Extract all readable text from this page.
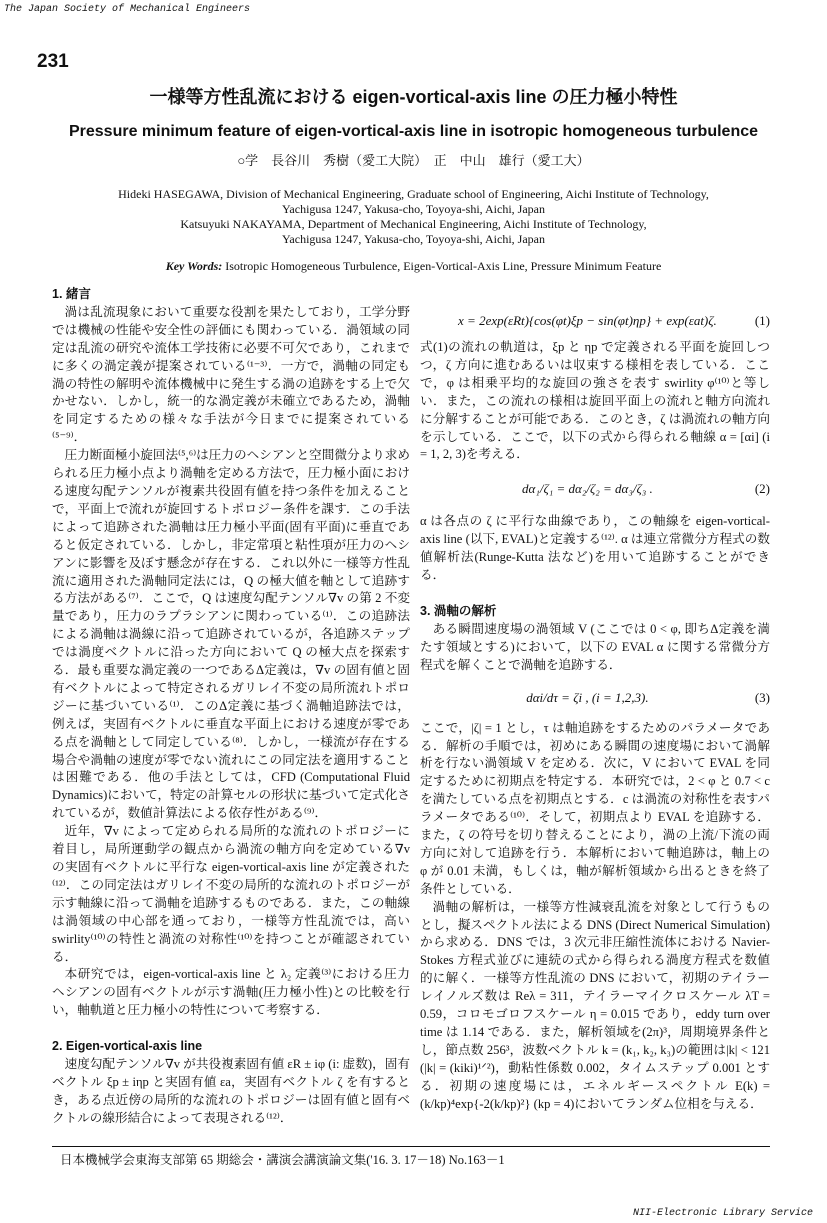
The Japan Society of Mechanical Engineers
231
一様等方性乱流における eigen-vortical-axis line の圧力極小特性
Pressure minimum feature of eigen-vortical-axis line in isotropic homogeneous turbulence
○学　長谷川　秀樹（愛工大院）　正　中山　雄行（愛工大）
Hideki HASEGAWA, Division of Mechanical Engineering, Graduate school of Engineering, Aichi Institute of Technology,
Yachigusa 1247, Yakusa-cho, Toyoya-shi, Aichi, Japan
Katsuyuki NAKAYAMA, Department of Mechanical Engineering, Aichi Institute of Technology,
Yachigusa 1247, Yakusa-cho, Toyoya-shi, Aichi, Japan
Key Words: Isotropic Homogeneous Turbulence, Eigen-Vortical-Axis Line, Pressure Minimum Feature
1. 緒言

渦は乱流現象において重要な役割を果たしており，工学分野では機械の性能や安全性の評価にも関わっている．渦領域の同定は乱流の研究や流体工学技術に必要不可欠であり，これまでに多くの渦定義が提案されている⁽¹⁻³⁾．一方で，渦軸の同定も渦の特性の解明や流体機械中に発生する渦の追跡をする上で欠かせない．しかし，統一的な渦定義が未確立であるため，渦軸を同定するための様々な手法が今日までに提案されている⁽⁵⁻⁹⁾．

圧力断面極小旋回法⁽⁵,⁶⁾は圧力のヘシアンと空間微分より求められる圧力極小点より渦軸を定める方法で，圧力極小面における速度勾配テンソルが複素共役固有値を持つ条件を加えることで，平面上で流れが旋回するトポロジー条件を課す．この手法によって追跡された渦軸は圧力極小平面(固有平面)に垂直であると仮定されている．しかし，非定常項と粘性項が圧力のヘシアンに影響を及ぼす懸念が存在する．これ以外に一様等方性乱流に適用された渦軸同定法には，Q の極大値を軸として追跡する方法がある⁽⁷⁾．ここで，Q は速度勾配テンソル∇v の第 2 不変量であり，圧力のラプラシアンに関わっている⁽¹⁾．この追跡法による渦軸は渦線に沿って追跡されているが，各追跡ステップでは渦度ベクトルに沿った方向において Q の極大点を探索する．最も重要な渦定義の一つであるΔ定義は，∇v の固有値と固有ベクトルによって特定されるガリレイ不変の局所流れトポロジーに基づいている⁽¹⁾．このΔ定義に基づく渦軸追跡法では，例えば，実固有ベクトルに垂直な平面上における速度が零である点を渦軸として同定している⁽⁸⁾．しかし，一様流が存在する場合や渦軸の速度が零でない流れにこの同定法を適用することは困難である．他の手法としては，CFD (Computational Fluid Dynamics)において，特定の計算セルの形状に基づいて定式化されているが，数値計算法による依存性がある⁽⁹⁾．

近年，∇v によって定められる局所的な流れのトポロジーに着目し，局所運動学の観点から渦流の軸方向を定めている∇v の実固有ベクトルに平行な eigen-vortical-axis line が定義された⁽¹²⁾．この同定法はガリレイ不変の局所的な流れのトポロジーが示す軸線に沿って渦軸を追跡するものである．また，この軸線は渦領域の中心部を通っており，一様等方性乱流では，高い swirlity⁽¹⁰⁾の特性と渦流の対称性⁽¹⁰⁾を持つことが確認されている．

本研究では，eigen-vortical-axis line と λ₂ 定義⁽³⁾における圧力ヘシアンの固有ベクトルが示す渦軸(圧力極小性)との比較を行い，軸軌道と圧力極小の特性について考察する．

2. Eigen-vortical-axis line

速度勾配テンソル∇v が共役複素固有値 εR ± iφ (i: 虚数)，固有ベクトル ξp ± iηp と実固有値 εa，実固有ベクトル ζ を有するとき，ある点近傍の局所的な流れのトポロジーは固有値と固有ベクトルの線形結合によって表現される⁽¹²⁾．

x = 2exp(εRt){cos(φt)ξp − sin(φt)ηp} + exp(εat)ζ.	(1)

式(1)の流れの軌道は，ξp と ηp で定義される平面を旋回しつつ，ζ 方向に進むあるいは収束する様相を表している．ここで，φ は相乗平均的な旋回の強さを表す swirlity φ⁽¹⁰⁾と等しい．また，この流れの様相は旋回平面上の流れと軸方向流れに分解することが可能である．このとき，ζ は渦流れの軸方向を示している．ここで，以下の式から得られる軸線 α = [αi] (i = 1, 2, 3)を考える．

dα₁/ζ₁ = dα₂/ζ₂ = dα₃/ζ₃ .	(2)

α は各点の ζ に平行な曲線であり，この軸線を eigen-vortical-axis line (以下, EVAL)と定義する⁽¹²⁾. α は連立常微分方程式の数値解析法(Runge-Kutta 法など)を用いて追跡することができる．

3. 渦軸の解析

ある瞬間速度場の渦領域 V (ここでは 0 < φ, 即ちΔ定義を満たす領域とする)において，以下の EVAL α に関する常微分方程式を解くことで渦軸を追跡する．

dαi/dτ = ζi , (i = 1,2,3).	(3)

ここで，|ζ| = 1 とし，τ は軸追跡をするためのパラメータである．解析の手順では，初めにある瞬間の速度場において渦解析を行ない渦領域 V を定める．次に，V において EVAL を同定するために初期点を特定する．本研究では，2 < φ と 0.7 < c を満たしている点を初期点とする．c は渦流の対称性を表すパラメータである⁽¹⁰⁾．そして，初期点より EVAL を追跡する．また，ζ の符号を切り替えることにより，渦の上流/下流の両方向に対して追跡を行う．本解析において軸追跡は，軸上の φ が 0.01 未満，もしくは，軸が解析領域から出るときを終了条件としている．

渦軸の解析は，一様等方性減衰乱流を対象として行うものとし，擬スペクトル法による DNS (Direct Numerical Simulation)から求める．DNS では，3 次元非圧縮性流体における Navier-Stokes 方程式並びに連続の式から得られる渦度方程式を数値的に解く．一様等方性乱流の DNS において，初期のテイラーレイノルズ数は Reλ = 311，テイラーマイクロスケール λT = 0.59，コロモゴロフスケール η = 0.015 であり，eddy turn over time は 1.14 である．また，解析領域を(2π)³，周期境界条件とし，節点数 256³，波数ベクトル k = (k₁, k₂, k₃)の範囲は|k| < 121 (|k| = (kiki)¹ᐟ²)，動粘性係数 0.002，タイムステップ 0.001 とする．初期の速度場には，エネルギースペクトル E(k) = (k/kp)⁴exp{-2(k/kp)²} (kp = 4)においてランダム位相を与える．

日本機械学会東海支部第 65 期総会・講演会講演論文集('16. 3. 17－18) No.163－1
NII-Electronic Library Service
